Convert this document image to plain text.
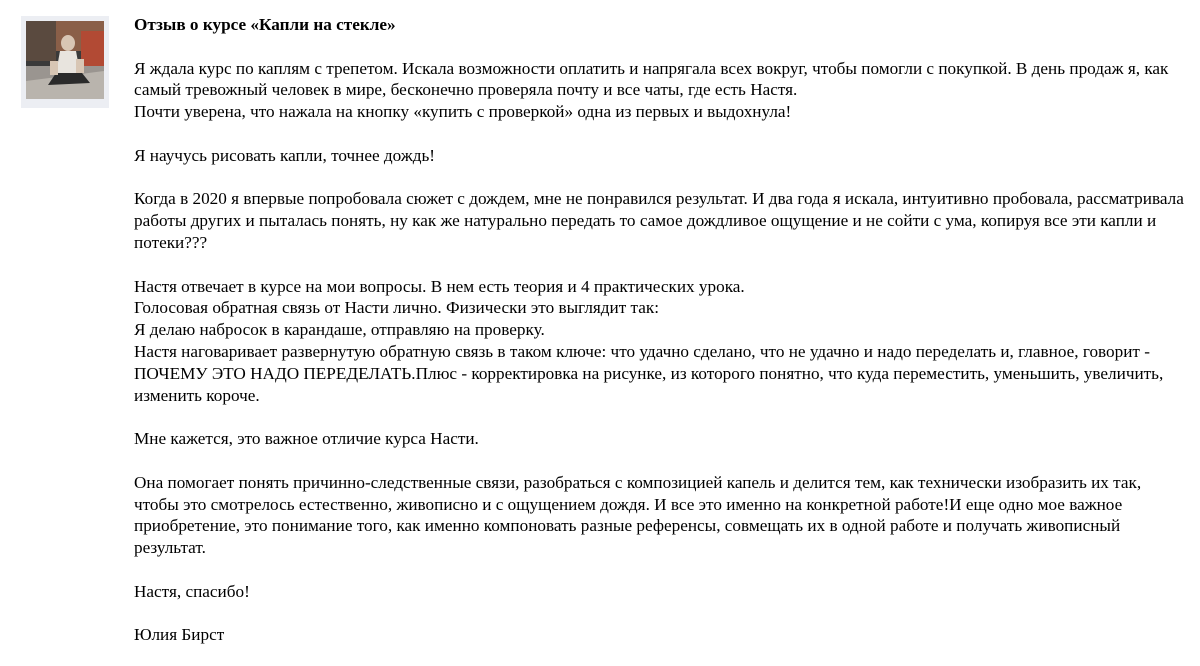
Отзыв о курсе «Капли на стекле»

Я ждала курс по каплям с трепетом. Искала возможности оплатить и напрягала всех вокруг, чтобы помогли с покупкой. В день продаж я, как самый тревожный человек в мире, бесконечно проверяла почту и все чаты, где есть Настя.

Почти уверена, что нажала на кнопку «купить с проверкой» одна из первых и выдохнула!

Я научусь рисовать капли, точнее дождь!

Когда в 2020 я впервые попробовала сюжет с дождем, мне не понравился результат. И два года я искала, интуитивно пробовала, рассматривала работы других и пыталась понять, ну как же натурально передать то самое дождливое ощущение и не сойти с ума, копируя все эти капли и потеки???

Настя отвечает в курсе на мои вопросы. В нем есть теория и 4 практических урока.

Голосовая обратная связь от Насти лично. Физически это выглядит так:

Я делаю набросок в карандаше, отправляю на проверку.

Настя наговаривает развернутую обратную связь в таком ключе: что удачно сделано, что не удачно и надо переделать и, главное, говорит - ПОЧЕМУ ЭТО НАДО ПЕРЕДЕЛАТЬ.Плюс - корректировка на рисунке, из которого понятно, что куда переместить, уменьшить, увеличить, изменить короче.

Мне кажется, это важное отличие курса Насти.

Она помогает понять причинно-следственные связи, разобраться с композицией капель и делится тем, как технически изобразить их так, чтобы это смотрелось естественно, живописно и с ощущением дождя. И все это именно на конкретной работе!И еще одно мое важное приобретение, это понимание того, как именно компоновать разные референсы, совмещать их в одной работе и получать живописный результат.

Настя, спасибо!

Юлия Бирст
